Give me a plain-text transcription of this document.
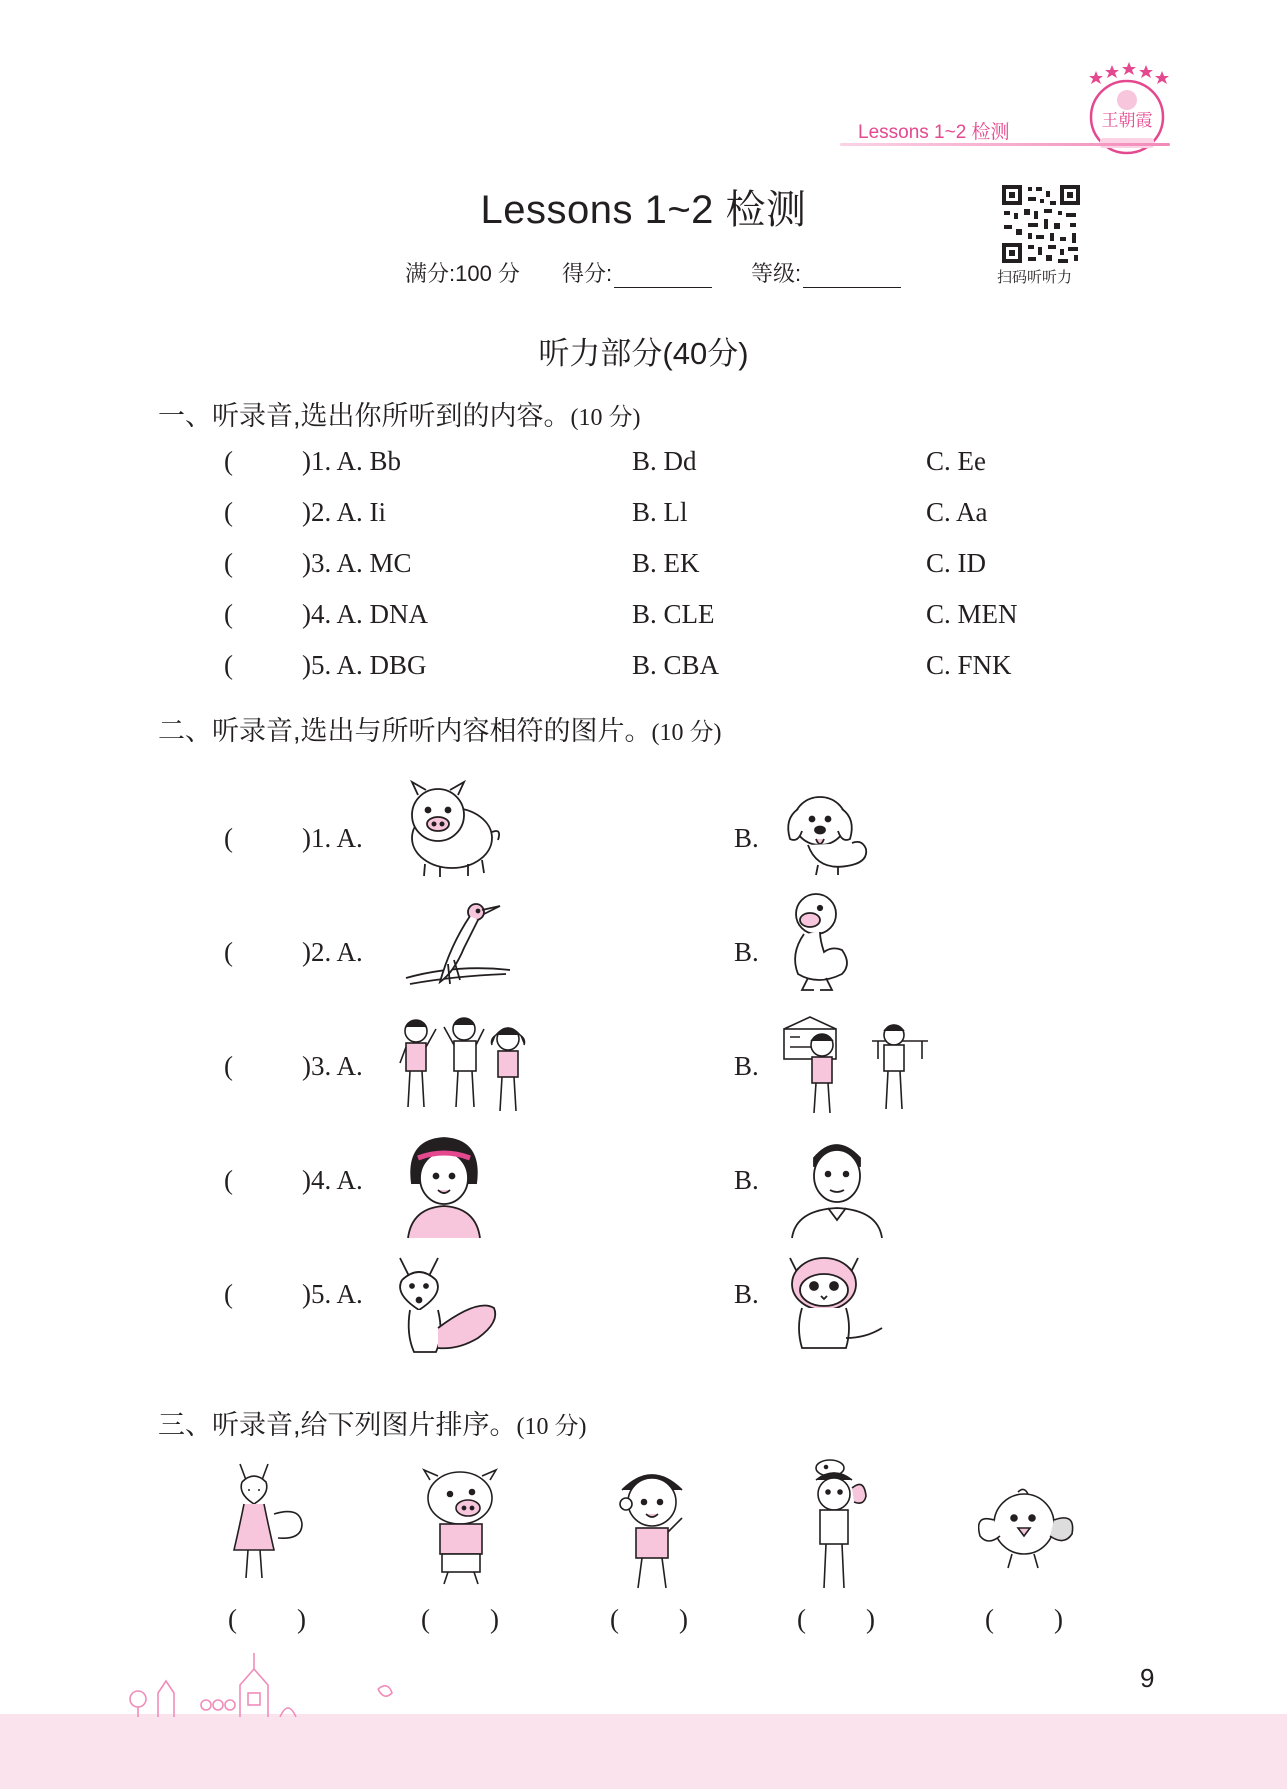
王朝霞
Lessons 1~2 检测
Lessons 1~2 检测
满分:100 分 得分:	等级:	扫码听听力
听力部分(40分)
一、听录音,选出你所听到的内容。(10 分)
(	)1. A. Bb	B. Dd	C. Ee
(	)2. A. Ii	B. Ll	C. Aa
(	)3. A. MC	B. EK	C. ID
(	)4. A. DNA	B. CLE	C. MEN
(	)5. A. DBG	B. CBA	C. FNK
二、听录音,选出与所听内容相符的图片。(10 分)
(	)1. A.	B.
(	)2. A.	B.
(	)3. A.	B.
(	)4. A.	B.
(	)5. A.	B.
三、听录音,给下列图片排序。(10 分)
( )	( )	( )	( )	( )
9
